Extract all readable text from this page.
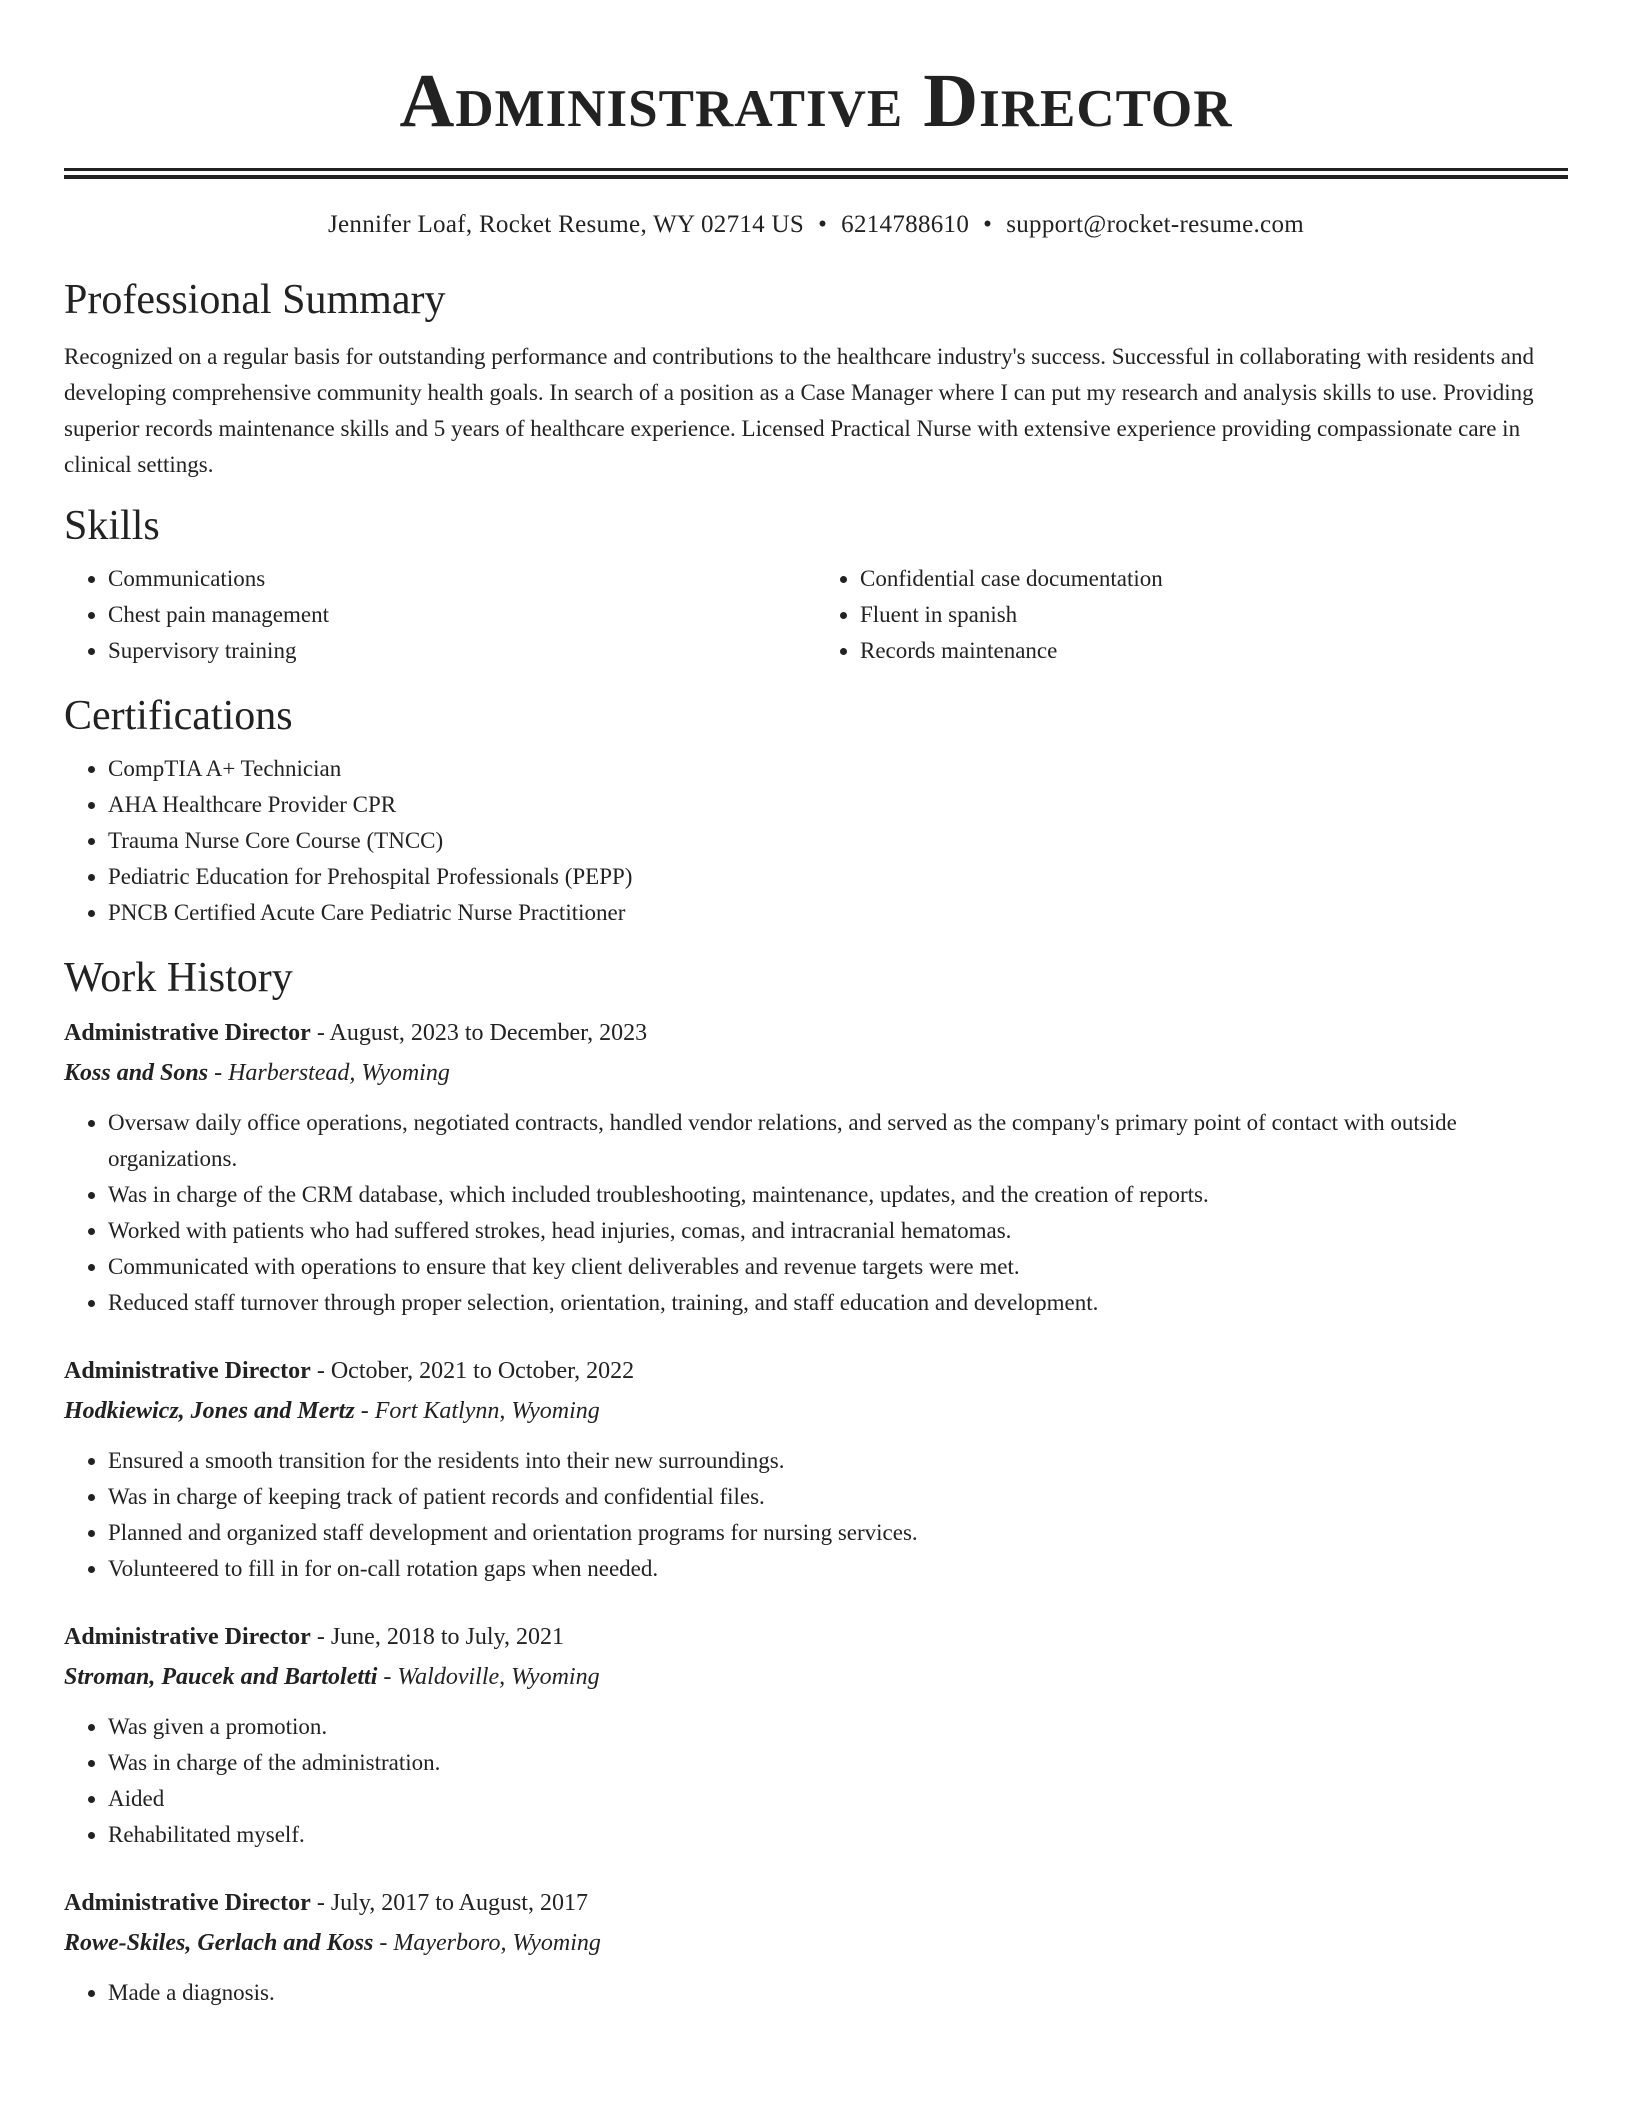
Administrative Director
Jennifer Loaf, Rocket Resume, WY 02714 US • 6214788610 • support@rocket-resume.com
Professional Summary

Recognized on a regular basis for outstanding performance and contributions to the healthcare industry's success. Successful in collaborating with residents and developing comprehensive community health goals. In search of a position as a Case Manager where I can put my research and analysis skills to use. Providing superior records maintenance skills and 5 years of healthcare experience. Licensed Practical Nurse with extensive experience providing compassionate care in clinical settings.

Skills
• Communications
• Chest pain management
• Supervisory training
• Confidential case documentation
• Fluent in spanish
• Records maintenance
Certifications
• CompTIA A+ Technician
• AHA Healthcare Provider CPR
• Trauma Nurse Core Course (TNCC)
• Pediatric Education for Prehospital Professionals (PEPP)
• PNCB Certified Acute Care Pediatric Nurse Practitioner
Work History
Administrative Director - August, 2023 to December, 2023
Koss and Sons - Harberstead, Wyoming
• Oversaw daily office operations, negotiated contracts, handled vendor relations, and served as the company's primary point of contact with outside organizations.
• Was in charge of the CRM database, which included troubleshooting, maintenance, updates, and the creation of reports.
• Worked with patients who had suffered strokes, head injuries, comas, and intracranial hematomas.
• Communicated with operations to ensure that key client deliverables and revenue targets were met.
• Reduced staff turnover through proper selection, orientation, training, and staff education and development.
Administrative Director - October, 2021 to October, 2022
Hodkiewicz, Jones and Mertz - Fort Katlynn, Wyoming
• Ensured a smooth transition for the residents into their new surroundings.
• Was in charge of keeping track of patient records and confidential files.
• Planned and organized staff development and orientation programs for nursing services.
• Volunteered to fill in for on-call rotation gaps when needed.
Administrative Director - June, 2018 to July, 2021
Stroman, Paucek and Bartoletti - Waldoville, Wyoming
• Was given a promotion.
• Was in charge of the administration.
• Aided
• Rehabilitated myself.
Administrative Director - July, 2017 to August, 2017
Rowe-Skiles, Gerlach and Koss - Mayerboro, Wyoming
• Made a diagnosis.
